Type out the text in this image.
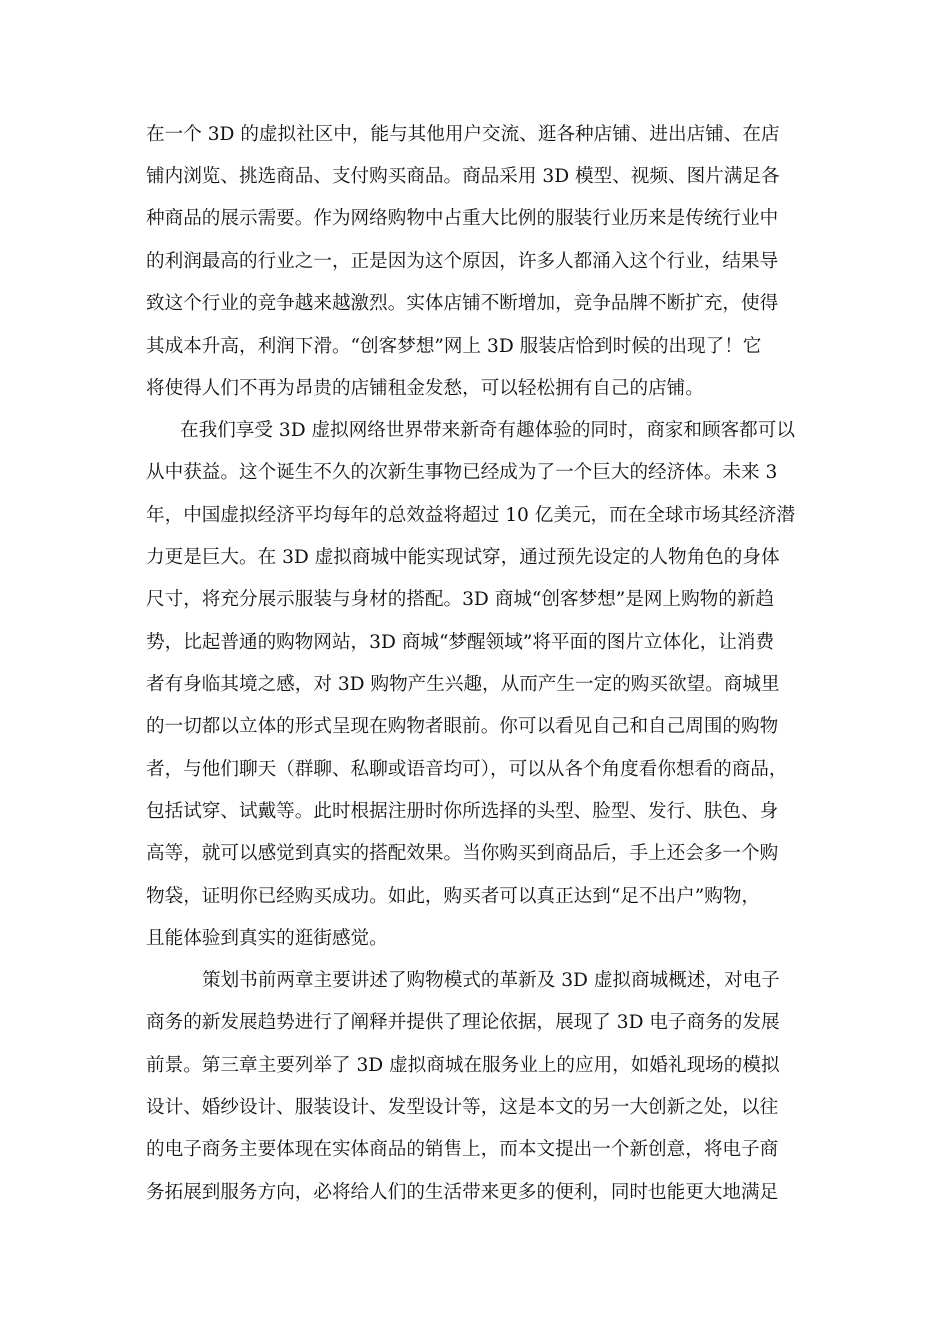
在一个 3D 的虚拟社区中，能与其他用户交流、逛各种店铺、进出店铺、在店
铺内浏览、挑选商品、支付购买商品。商品采用 3D 模型、视频、图片满足各
种商品的展示需要。作为网络购物中占重大比例的服装行业历来是传统行业中
的利润最高的行业之一，正是因为这个原因，许多人都涌入这个行业，结果导
致这个行业的竞争越来越激烈。实体店铺不断增加，竞争品牌不断扩充，使得
其成本升高，利润下滑。“创客梦想”网上 3D 服装店恰到时候的出现了！它
将使得人们不再为昂贵的店铺租金发愁，可以轻松拥有自己的店铺。
在我们享受 3D 虚拟网络世界带来新奇有趣体验的同时，商家和顾客都可以
从中获益。这个诞生不久的次新生事物已经成为了一个巨大的经济体。未来 3
年，中国虚拟经济平均每年的总效益将超过 10 亿美元，而在全球市场其经济潜
力更是巨大。在 3D 虚拟商城中能实现试穿，通过预先设定的人物角色的身体
尺寸，将充分展示服装与身材的搭配。3D 商城“创客梦想”是网上购物的新趋
势，比起普通的购物网站，3D 商城“梦醒领域”将平面的图片立体化，让消费
者有身临其境之感，对 3D 购物产生兴趣，从而产生一定的购买欲望。商城里
的一切都以立体的形式呈现在购物者眼前。你可以看见自己和自己周围的购物
者，与他们聊天（群聊、私聊或语音均可），可以从各个角度看你想看的商品，
包括试穿、试戴等。此时根据注册时你所选择的头型、脸型、发行、肤色、身
高等，就可以感觉到真实的搭配效果。当你购买到商品后，手上还会多一个购
物袋，证明你已经购买成功。如此，购买者可以真正达到“足不出户”购物，
且能体验到真实的逛街感觉。
策划书前两章主要讲述了购物模式的革新及 3D 虚拟商城概述，对电子
商务的新发展趋势进行了阐释并提供了理论依据，展现了 3D 电子商务的发展
前景。第三章主要列举了 3D 虚拟商城在服务业上的应用，如婚礼现场的模拟
设计、婚纱设计、服装设计、发型设计等，这是本文的另一大创新之处，以往
的电子商务主要体现在实体商品的销售上，而本文提出一个新创意，将电子商
务拓展到服务方向，必将给人们的生活带来更多的便利，同时也能更大地满足
